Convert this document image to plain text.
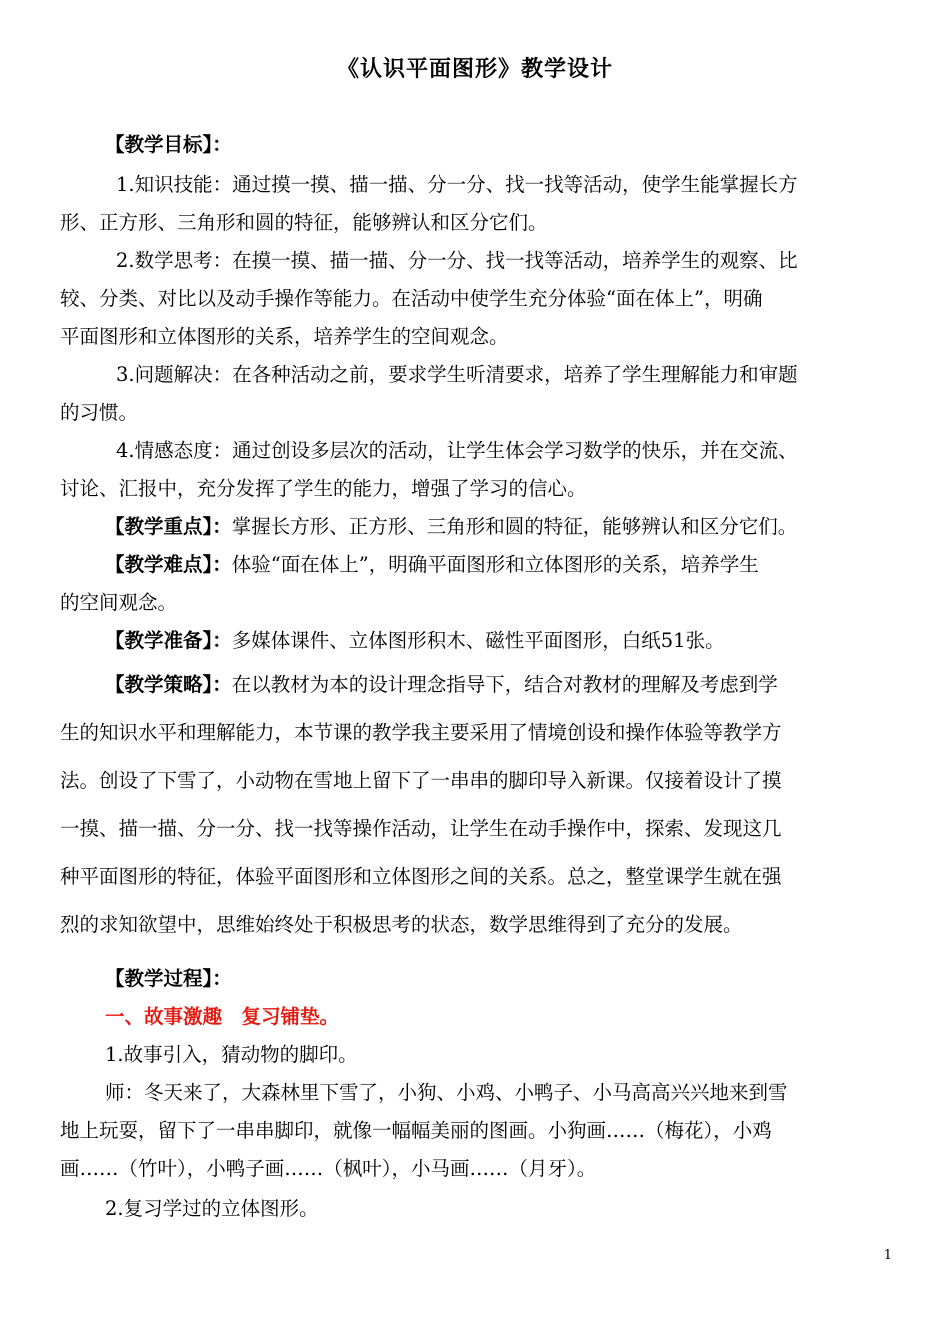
《认识平面图形》教学设计
【教学目标】：
1.知识技能：通过摸一摸、描一描、分一分、找一找等活动，使学生能掌握长方
形、正方形、三角形和圆的特征，能够辨认和区分它们。
2.数学思考：在摸一摸、描一描、分一分、找一找等活动，培养学生的观察、比
较、分类、对比以及动手操作等能力。在活动中使学生充分体验“面在体上”，明确
平面图形和立体图形的关系，培养学生的空间观念。
3.问题解决：在各种活动之前，要求学生听清要求，培养了学生理解能力和审题
的习惯。
4.情感态度：通过创设多层次的活动，让学生体会学习数学的快乐，并在交流、
讨论、汇报中，充分发挥了学生的能力，增强了学习的信心。
【教学重点】：掌握长方形、正方形、三角形和圆的特征，能够辨认和区分它们。
【教学难点】：体验“面在体上”，明确平面图形和立体图形的关系，培养学生
的空间观念。
【教学准备】：多媒体课件、立体图形积木、磁性平面图形，白纸51张。
【教学策略】：在以教材为本的设计理念指导下，结合对教材的理解及考虑到学
生的知识水平和理解能力，本节课的教学我主要采用了情境创设和操作体验等教学方
法。创设了下雪了，小动物在雪地上留下了一串串的脚印导入新课。仅接着设计了摸
一摸、描一描、分一分、找一找等操作活动，让学生在动手操作中，探索、发现这几
种平面图形的特征，体验平面图形和立体图形之间的关系。总之，整堂课学生就在强
烈的求知欲望中，思维始终处于积极思考的状态，数学思维得到了充分的发展。
【教学过程】：
一、故事激趣　复习铺垫。
1.故事引入，猜动物的脚印。
师：冬天来了，大森林里下雪了，小狗、小鸡、小鸭子、小马高高兴兴地来到雪
地上玩耍，留下了一串串脚印，就像一幅幅美丽的图画。小狗画……（梅花），小鸡
画……（竹叶），小鸭子画……（枫叶），小马画……（月牙）。
2.复习学过的立体图形。
1
